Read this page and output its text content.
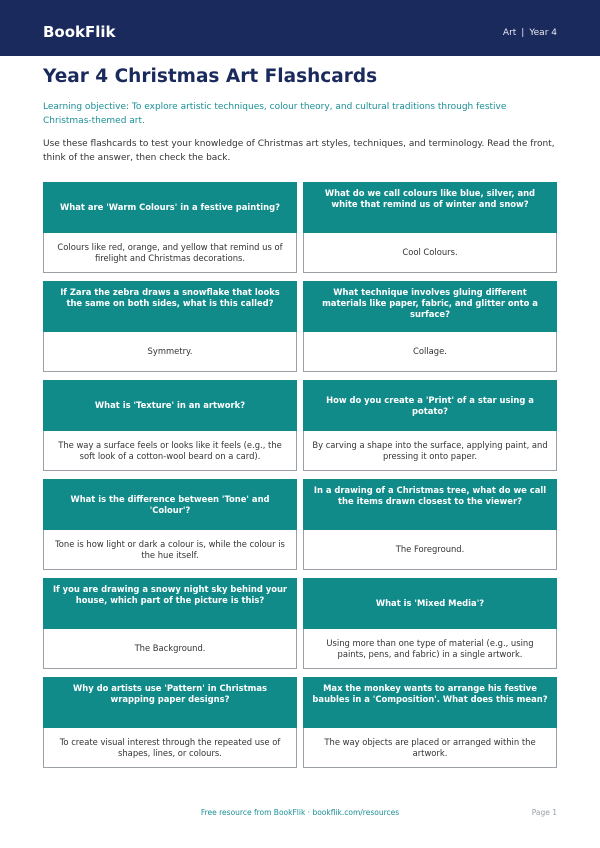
BookFlik	Art | Year 4
Year 4 Christmas Art Flashcards

Learning objective: To explore artistic techniques, colour theory, and cultural traditions through festive Christmas-themed art.

Use these flashcards to test your knowledge of Christmas art styles, techniques, and terminology. Read the front, think of the answer, then check the back.

What are 'Warm Colours' in a festive painting?
Colours like red, orange, and yellow that remind us of firelight and Christmas decorations.
What do we call colours like blue, silver, and white that remind us of winter and snow?
Cool Colours.
If Zara the zebra draws a snowflake that looks the same on both sides, what is this called?
Symmetry.
What technique involves gluing different materials like paper, fabric, and glitter onto a surface?
Collage.
What is 'Texture' in an artwork?
The way a surface feels or looks like it feels (e.g., the soft look of a cotton-wool beard on a card).
How do you create a 'Print' of a star using a potato?
By carving a shape into the surface, applying paint, and pressing it onto paper.
What is the difference between 'Tone' and 'Colour'?
Tone is how light or dark a colour is, while the colour is the hue itself.
In a drawing of a Christmas tree, what do we call the items drawn closest to the viewer?
The Foreground.
If you are drawing a snowy night sky behind your house, which part of the picture is this?
The Background.
What is 'Mixed Media'?
Using more than one type of material (e.g., using paints, pens, and fabric) in a single artwork.
Why do artists use 'Pattern' in Christmas wrapping paper designs?
To create visual interest through the repeated use of shapes, lines, or colours.
Max the monkey wants to arrange his festive baubles in a 'Composition'. What does this mean?
The way objects are placed or arranged within the artwork.
Free resource from BookFlik · bookflik.com/resources	Page 1
